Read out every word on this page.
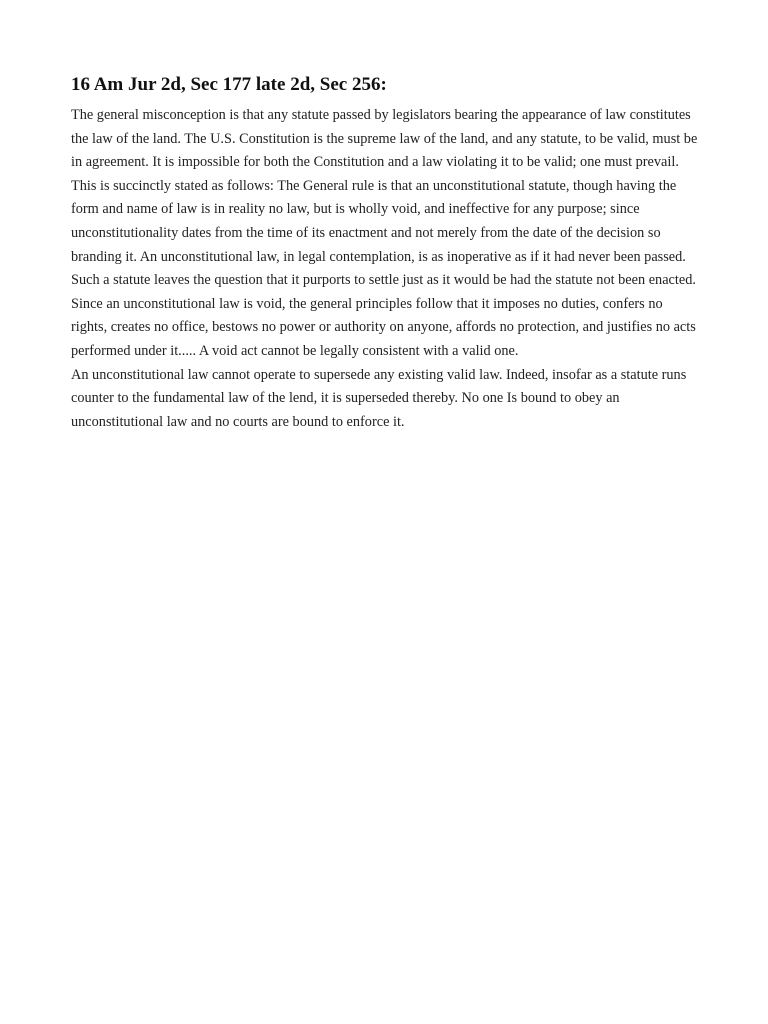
16 Am Jur 2d, Sec 177 late 2d, Sec 256:

The general misconception is that any statute passed by legislators bearing the appearance of law constitutes the law of the land. The U.S. Constitution is the supreme law of the land, and any statute, to be valid, must be in agreement. It is impossible for both the Constitution and a law violating it to be valid; one must prevail.

This is succinctly stated as follows: The General rule is that an unconstitutional statute, though having the form and name of law is in reality no law, but is wholly void, and ineffective for any purpose; since unconstitutionality dates from the time of its enactment and not merely from the date of the decision so branding it. An unconstitutional law, in legal contemplation, is as inoperative as if it had never been passed.

Such a statute leaves the question that it purports to settle just as it would be had the statute not been enacted. Since an unconstitutional law is void, the general principles follow that it imposes no duties, confers no rights, creates no office, bestows no power or authority on anyone, affords no protection, and justifies no acts performed under it..... A void act cannot be legally consistent with a valid one.

An unconstitutional law cannot operate to supersede any existing valid law. Indeed, insofar as a statute runs counter to the fundamental law of the lend, it is superseded thereby. No one Is bound to obey an unconstitutional law and no courts are bound to enforce it.
